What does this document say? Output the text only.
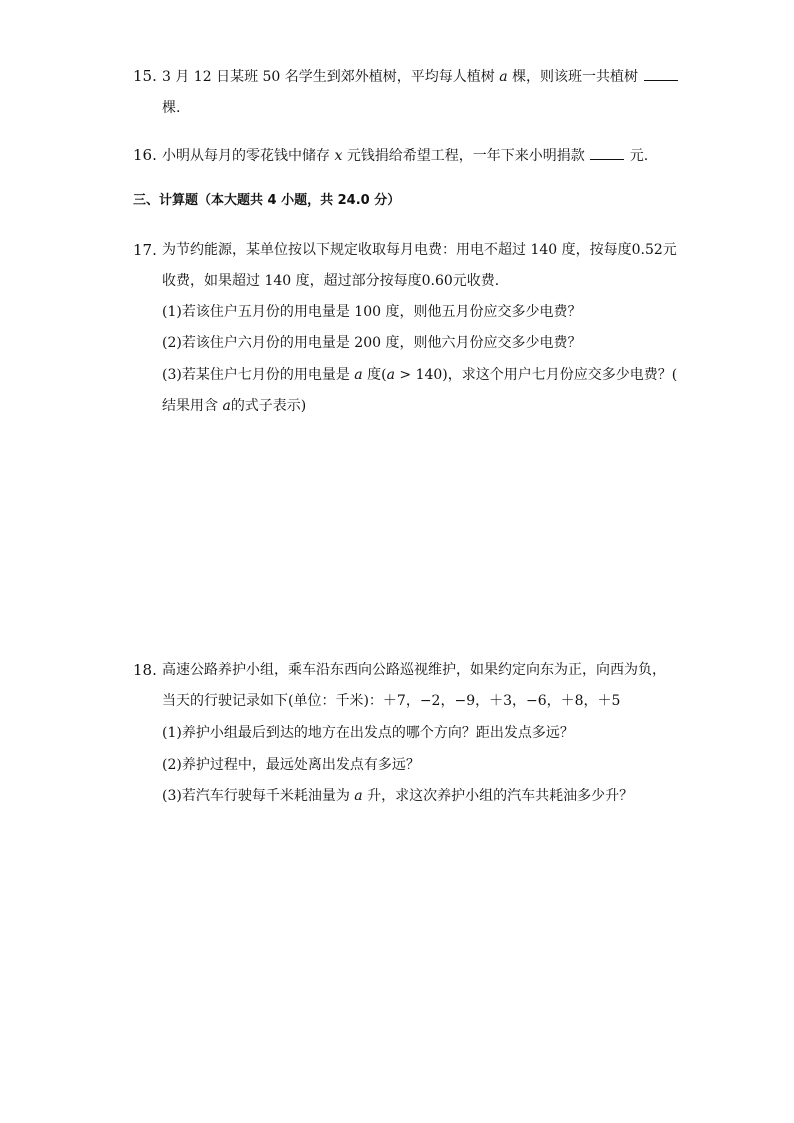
15. 3 月 12 日某班 50 名学生到郊外植树，平均每人植树 a 棵，则该班一共植树
棵.
16. 小明从每月的零花钱中储存 x 元钱捐给希望工程，一年下来小明捐款	元.
三、计算题（本大题共 4 小题，共 24.0 分）
17. 为节约能源，某单位按以下规定收取每月电费：用电不超过 140 度，按每度0.52元
收费，如果超过 140 度，超过部分按每度0.60元收费．
(1)若该住户五月份的用电量是 100 度，则他五月份应交多少电费？
(2)若该住户六月份的用电量是 200 度，则他六月份应交多少电费？
(3)若某住户七月份的用电量是 a 度(a > 140)，求这个用户七月份应交多少电费？(
结果用含 a的式子表示)
18. 高速公路养护小组，乘车沿东西向公路巡视维护，如果约定向东为正，向西为负，
当天的行驶记录如下(单位：千米)：＋7，−2，−9，＋3，−6，＋8，＋5
(1)养护小组最后到达的地方在出发点的哪个方向？距出发点多远？
(2)养护过程中，最远处离出发点有多远？
(3)若汽车行驶每千米耗油量为 a 升，求这次养护小组的汽车共耗油多少升？
